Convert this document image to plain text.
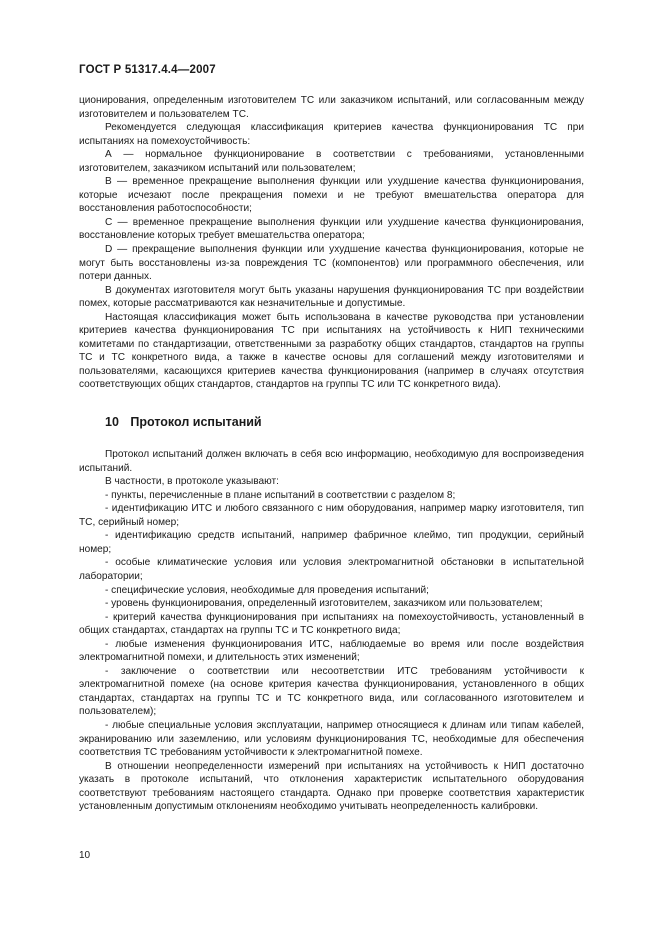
ГОСТ Р 51317.4.4—2007

ционирования, определенным изготовителем ТС или заказчиком испытаний, или согласованным между изготовителем и пользователем ТС.

Рекомендуется следующая классификация критериев качества функционирования ТС при испытаниях на помехоустойчивость:

А — нормальное функционирование в соответствии с требованиями, установленными изготовителем, заказчиком испытаний или пользователем;

В — временное прекращение выполнения функции или ухудшение качества функционирования, которые исчезают после прекращения помехи и не требуют вмешательства оператора для восстановления работоспособности;

С — временное прекращение выполнения функции или ухудшение качества функционирования, восстановление которых требует вмешательства оператора;

D — прекращение выполнения функции или ухудшение качества функционирования, которые не могут быть восстановлены из-за повреждения ТС (компонентов) или программного обеспечения, или потери данных.

В документах изготовителя могут быть указаны нарушения функционирования ТС при воздействии помех, которые рассматриваются как незначительные и допустимые.

Настоящая классификация может быть использована в качестве руководства при установлении критериев качества функционирования ТС при испытаниях на устойчивость к НИП техническими комитетами по стандартизации, ответственными за разработку общих стандартов, стандартов на группы ТС и ТС конкретного вида, а также в качестве основы для соглашений между изготовителями и пользователями, касающихся критериев качества функционирования (например в случаях отсутствия соответствующих общих стандартов, стандартов на группы ТС или ТС конкретного вида).

10 Протокол испытаний

Протокол испытаний должен включать в себя всю информацию, необходимую для воспроизведения испытаний.

В частности, в протоколе указывают:

- пункты, перечисленные в плане испытаний в соответствии с разделом 8;

- идентификацию ИТС и любого связанного с ним оборудования, например марку изготовителя, тип ТС, серийный номер;

- идентификацию средств испытаний, например фабричное клеймо, тип продукции, серийный номер;

- особые климатические условия или условия электромагнитной обстановки в испытательной лаборатории;

- специфические условия, необходимые для проведения испытаний;

- уровень функционирования, определенный изготовителем, заказчиком или пользователем;

- критерий качества функционирования при испытаниях на помехоустойчивость, установленный в общих стандартах, стандартах на группы ТС и ТС конкретного вида;

- любые изменения функционирования ИТС, наблюдаемые во время или после воздействия электромагнитной помехи, и длительность этих изменений;

- заключение о соответствии или несоответствии ИТС требованиям устойчивости к электромагнитной помехе (на основе критерия качества функционирования, установленного в общих стандартах, стандартах на группы ТС и ТС конкретного вида, или согласованного изготовителем и пользователем);

- любые специальные условия эксплуатации, например относящиеся к длинам или типам кабелей, экранированию или заземлению, или условиям функционирования ТС, необходимые для обеспечения соответствия ТС требованиям устойчивости к электромагнитной помехе.

В отношении неопределенности измерений при испытаниях на устойчивость к НИП достаточно указать в протоколе испытаний, что отклонения характеристик испытательного оборудования соответствуют требованиям настоящего стандарта. Однако при проверке соответствия характеристик установленным допустимым отклонениям необходимо учитывать неопределенность калибровки.

10
